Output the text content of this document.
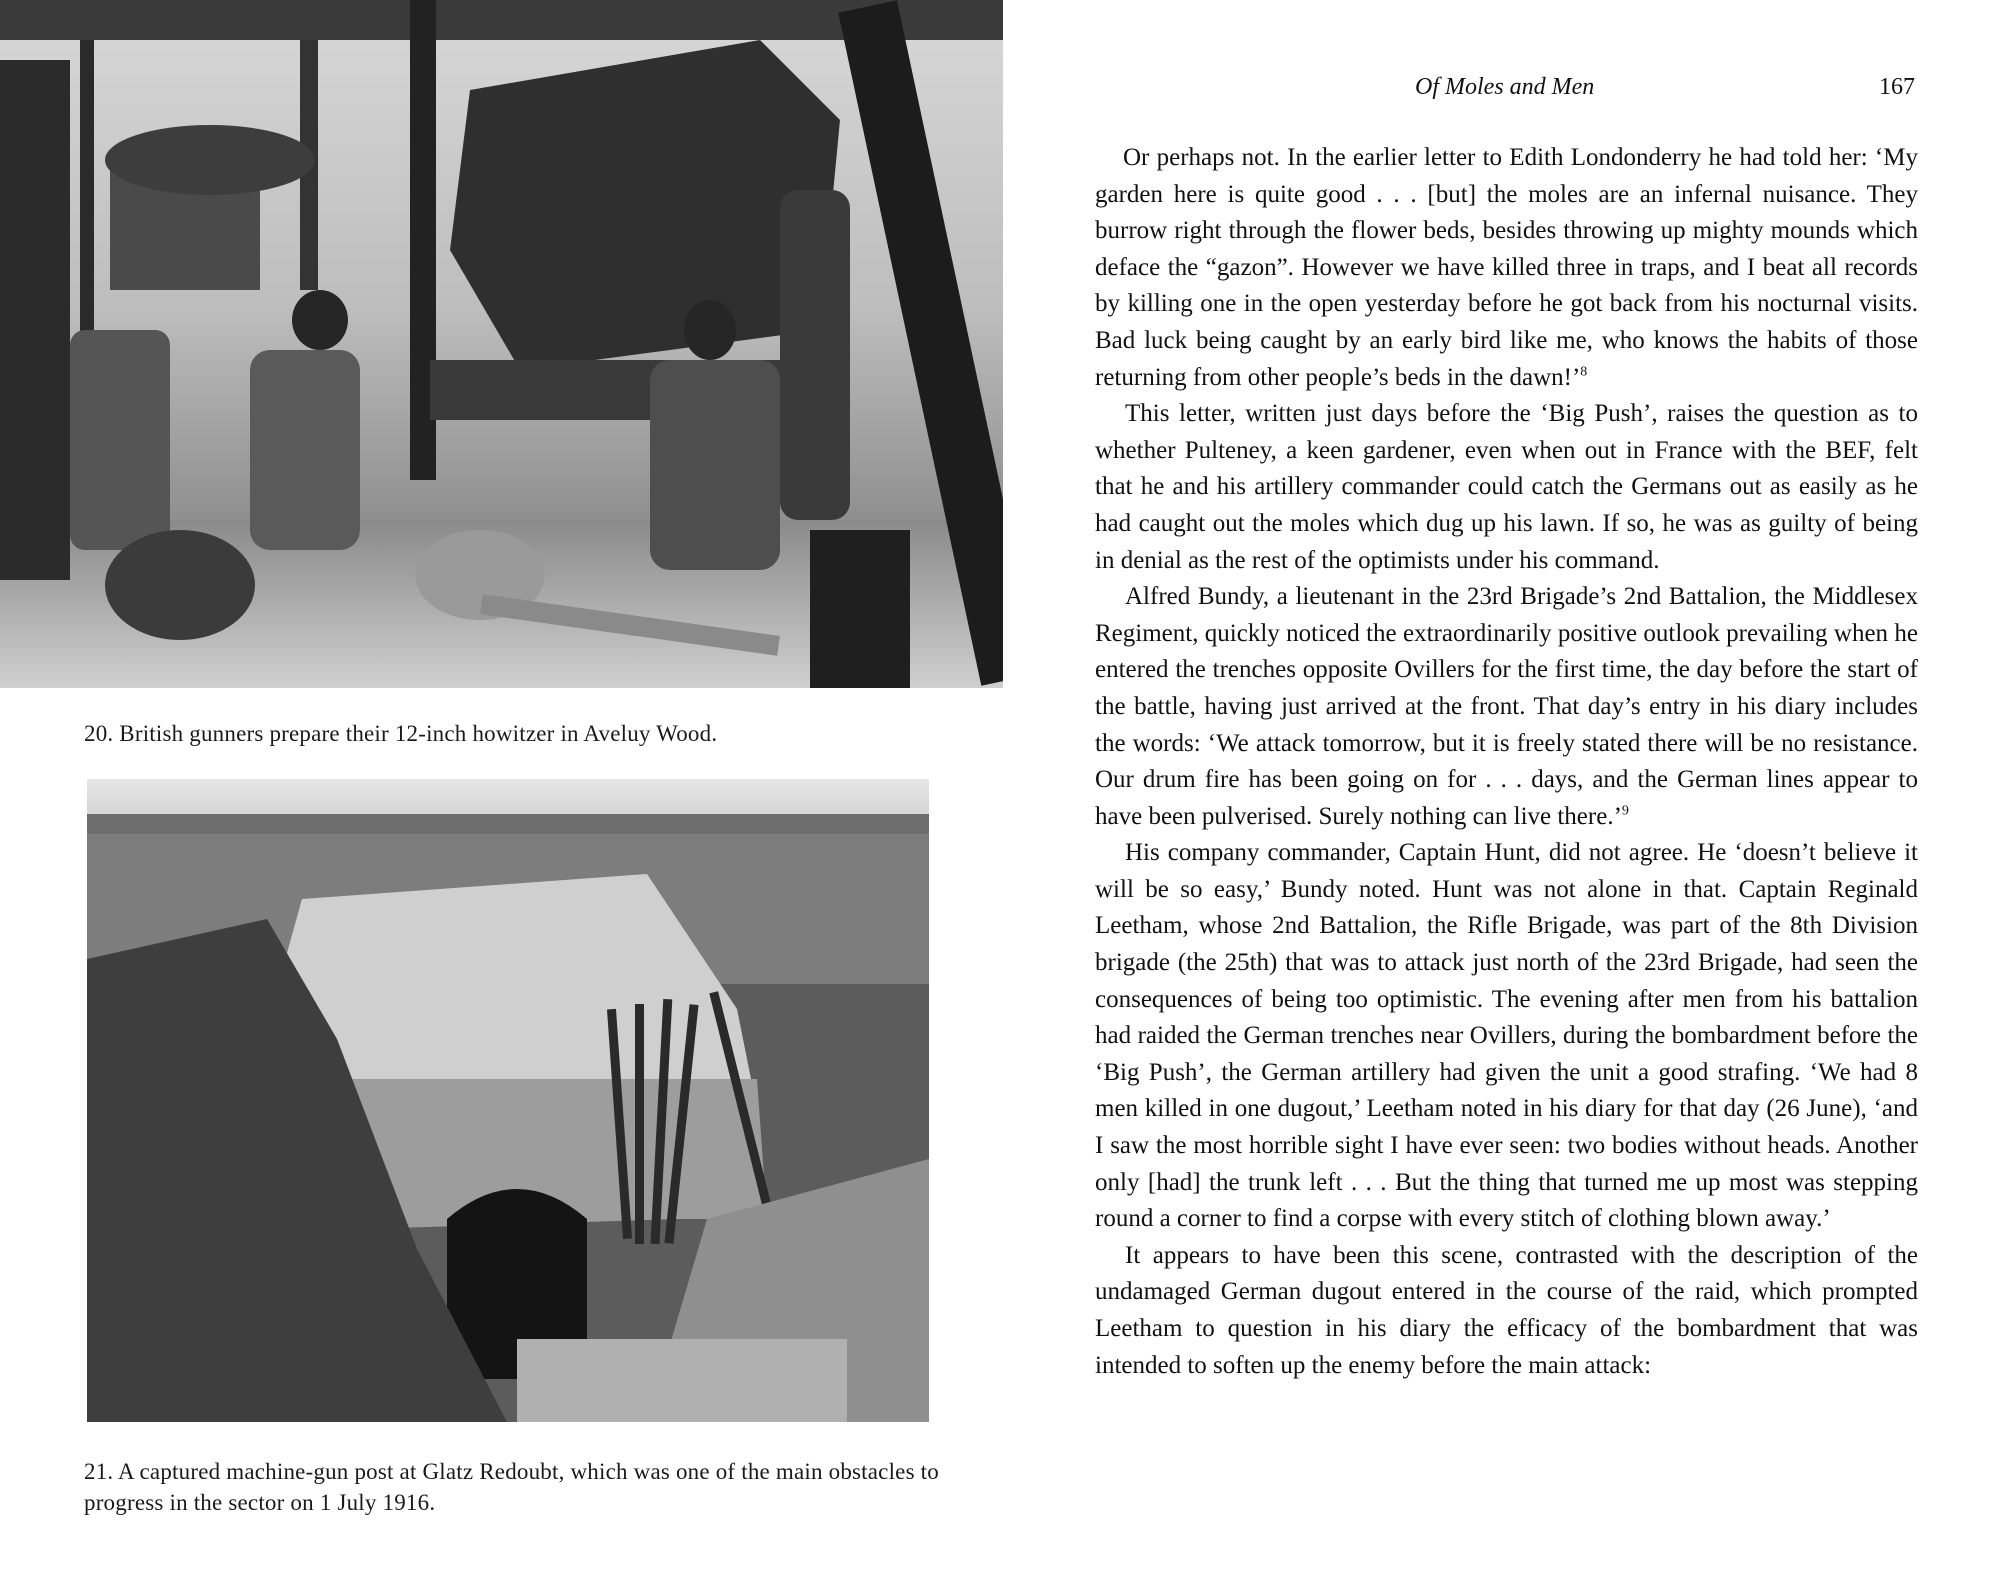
20. British gunners prepare their 12-inch howitzer in Aveluy Wood.
21. A captured machine-gun post at Glatz Redoubt, which was one of the main obstacles to progress in the sector on 1 July 1916.
Of Moles and Men	167

Or perhaps not. In the earlier letter to Edith Londonderry he had told her: ‘My garden here is quite good . . . [but] the moles are an infernal nuisance. They burrow right through the flower beds, besides throwing up mighty mounds which deface the “gazon”. However we have killed three in traps, and I beat all records by killing one in the open yesterday before he got back from his nocturnal visits. Bad luck being caught by an early bird like me, who knows the habits of those returning from other people’s beds in the dawn!’$^8$

This letter, written just days before the ‘Big Push’, raises the question as to whether Pulteney, a keen gardener, even when out in France with the BEF, felt that he and his artillery commander could catch the Germans out as easily as he had caught out the moles which dug up his lawn. If so, he was as guilty of being in denial as the rest of the optimists under his command.

Alfred Bundy, a lieutenant in the 23rd Brigade’s 2nd Battalion, the Middlesex Regiment, quickly noticed the extraordinarily positive outlook prevailing when he entered the trenches opposite Ovillers for the first time, the day before the start of the battle, having just arrived at the front. That day’s entry in his diary includes the words: ‘We attack tomorrow, but it is freely stated there will be no resistance. Our drum fire has been going on for . . . days, and the German lines appear to have been pulverised. Surely nothing can live there.’$^9$

His company commander, Captain Hunt, did not agree. He ‘doesn’t believe it will be so easy,’ Bundy noted. Hunt was not alone in that. Captain Reginald Leetham, whose 2nd Battalion, the Rifle Brigade, was part of the 8th Division brigade (the 25th) that was to attack just north of the 23rd Brigade, had seen the consequences of being too optimistic. The evening after men from his battalion had raided the German trenches near Ovillers, during the bombardment before the ‘Big Push’, the German artillery had given the unit a good strafing. ‘We had 8 men killed in one dugout,’ Leetham noted in his diary for that day (26 June), ‘and I saw the most horrible sight I have ever seen: two bodies without heads. Another only [had] the trunk left . . . But the thing that turned me up most was stepping round a corner to find a corpse with every stitch of clothing blown away.’

It appears to have been this scene, contrasted with the description of the undamaged German dugout entered in the course of the raid, which prompted Leetham to question in his diary the efficacy of the bombardment that was intended to soften up the enemy before the main attack:
